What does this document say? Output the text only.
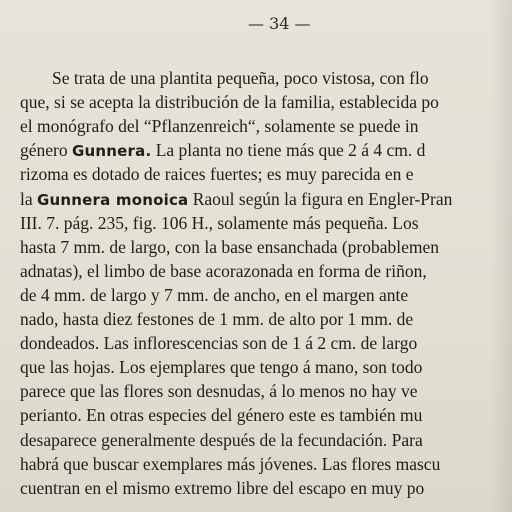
— 34 —

Se trata de una plantita pequeña, poco vistosa, con flo
que, si se acepta la distribución de la familia, establecida po
el monógrafo del “Pflanzenreich“, solamente se puede in
género Gunnera. La planta no tiene más que 2 á 4 cm. d
rizoma es dotado de raices fuertes; es muy parecida en e
la Gunnera monoica Raoul según la figura en Engler-Pran
III. 7. pág. 235, fig. 106 H., solamente más pequeña. Los
hasta 7 mm. de largo, con la base ensanchada (probablemen
adnatas), el limbo de base acorazonada en forma de riñon,
de 4 mm. de largo y 7 mm. de ancho, en el margen ante
nado, hasta diez festones de 1 mm. de alto por 1 mm. de
dondeados. Las inflorescencias son de 1 á 2 cm. de largo
que las hojas. Los ejemplares que tengo á mano, son todo
parece que las flores son desnudas, á lo menos no hay ve
perianto. En otras especies del género este es también mu
desaparece generalmente después de la fecundación. Para
habrá que buscar exemplares más jóvenes. Las flores mascu
cuentran en el mismo extremo libre del escapo en muy po
